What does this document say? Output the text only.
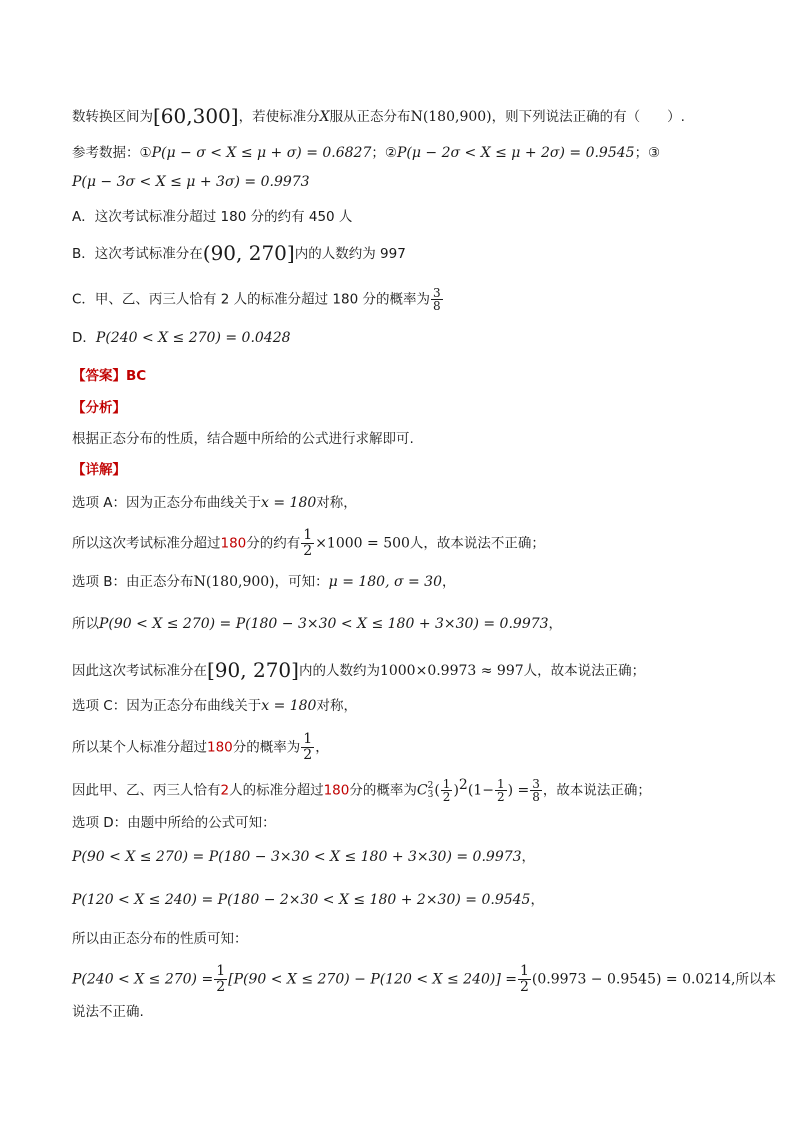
数转换区间为[60,300]，若使标准分X服从正态分布N(180,900)，则下列说法正确的有（　　）.
参考数据：①P(μ − σ < X ≤ μ + σ) = 0.6827；②P(μ − 2σ < X ≤ μ + 2σ) = 0.9545；③
P(μ − 3σ < X ≤ μ + 3σ) = 0.9973
A．这次考试标准分超过 180 分的约有 450 人
B．这次考试标准分在(90, 270]内的人数约为 997
C．甲、乙、丙三人恰有 2 人的标准分超过 180 分的概率为 $\frac{3}{8}$
D．P(240 < X ≤ 270) = 0.0428
【答案】BC
【分析】
根据正态分布的性质，结合题中所给的公式进行求解即可.
【详解】
选项 A：因为正态分布曲线关于x = 180对称，
所以这次考试标准分超过180分的约有 $\frac{1}{2} \times 1000 = 500$人，故本说法不正确；
选项 B：由正态分布N(180,900)，可知：μ = 180, σ = 30，
所以P(90 < X ≤ 270) = P(180 − 3×30 < X ≤ 180 + 3×30) = 0.9973，
因此这次考试标准分在[90, 270]内的人数约为1000×0.9973 ≈ 997人，故本说法正确；
选项 C：因为正态分布曲线关于x = 180对称，
所以某个人标准分超过180分的概率为 $\frac{1}{2}$ ，
因此甲、乙、丙三人恰有2人的标准分超过180分的概率为C 2
3 ( $\frac{1}{2} )^2(1- \frac{1}{2}$ ) = $\frac{3}{8}$ ，故本说法正确；
选项 D：由题中所给的公式可知：
P(90 < X ≤ 270) = P(180 − 3×30 < X ≤ 180 + 3×30) = 0.9973，
P(120 < X ≤ 240) = P(180 − 2×30 < X ≤ 180 + 2×30) = 0.9545，
所以由正态分布的性质可知：
$P(240 < X \le 270) = \frac{1}{2} [P(90 < X \le 270) - P(120 < X \le 240)] = \frac{1}{2} (0.9973 - 0.9545) = 0.0214$,所以本
说法不正确.
